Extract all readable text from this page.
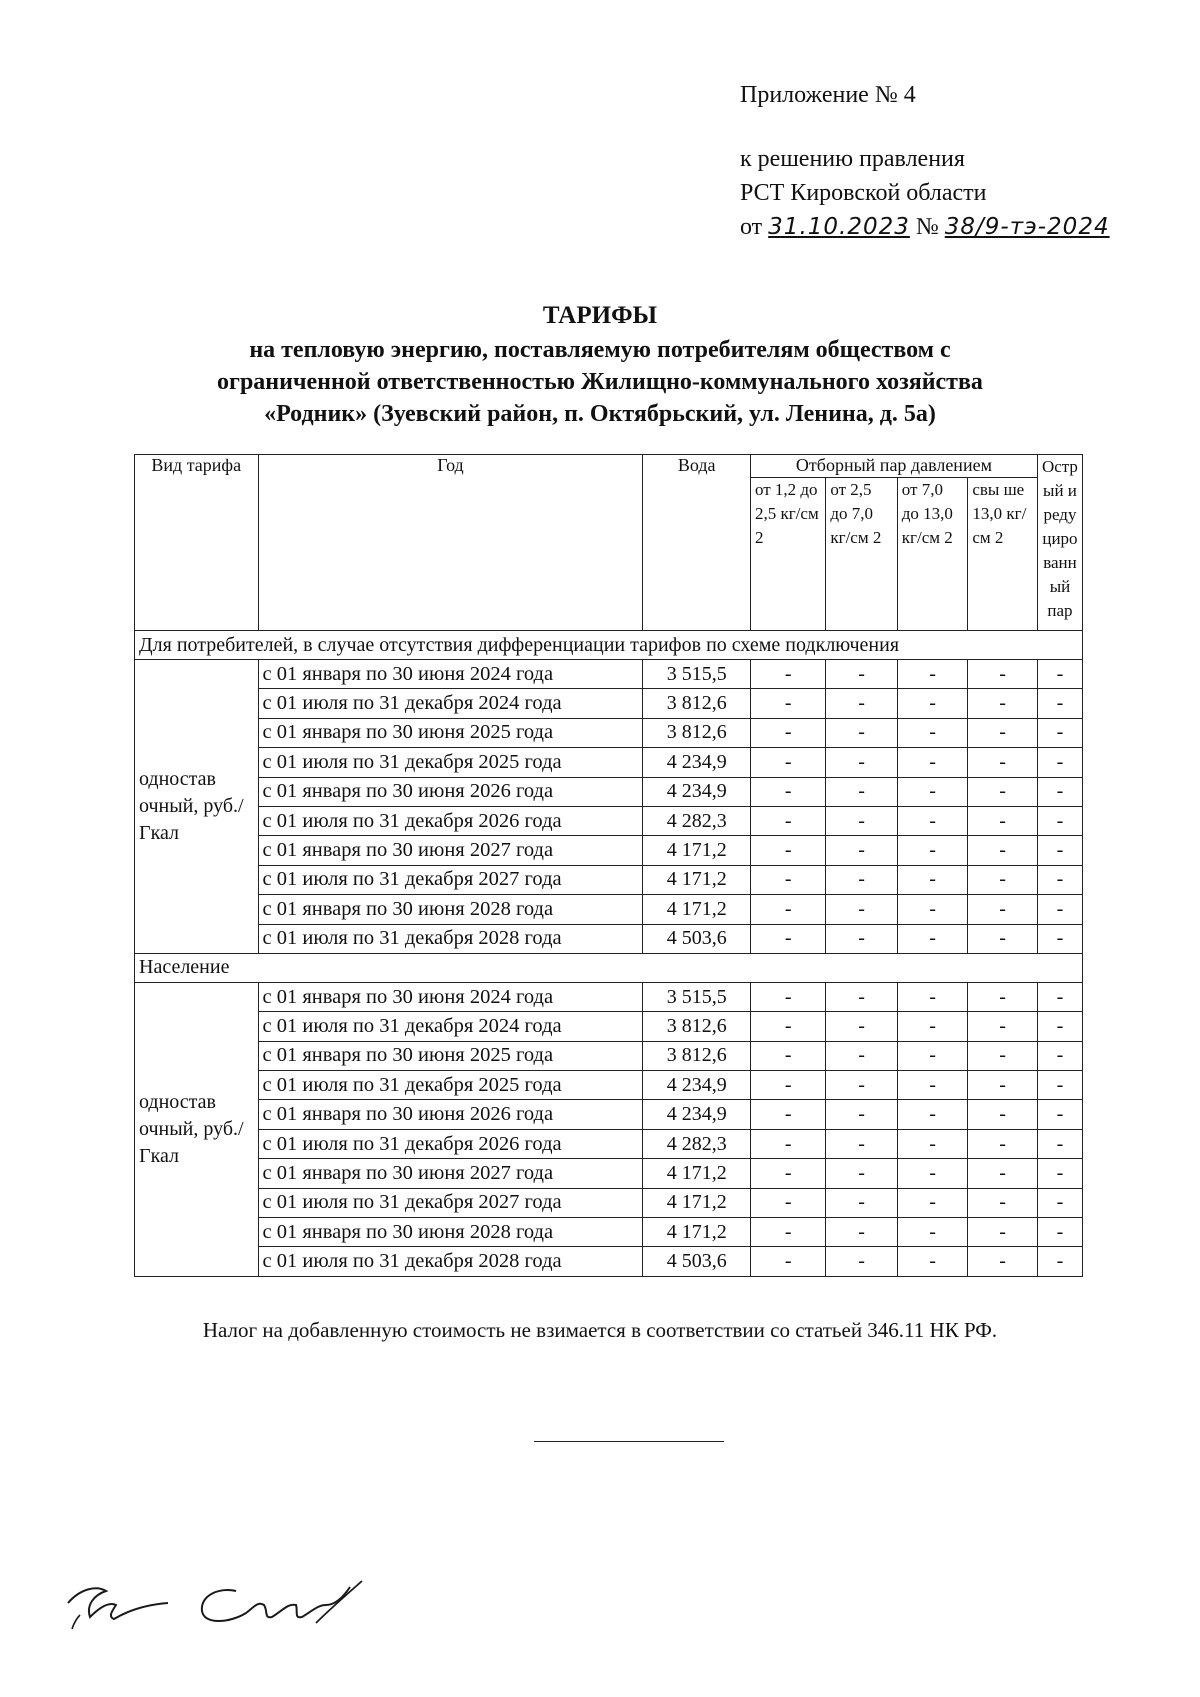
Приложение № 4
к решению правления
РСТ Кировской области
от 31.10.2023 № 38/9-тэ-2024
ТАРИФЫ
на тепловую энергию, поставляемую потребителям обществом с
ограниченной ответственностью Жилищно-коммунального хозяйства
«Родник» (Зуевский район, п. Октябрьский, ул. Ленина, д. 5а)
Вид тарифа	Год	Вода	Отборный пар давлением				Остр ый и реду циро ванн ый пар
			от 1,2 до 2,5 кг/см 2	от 2,5 до 7,0 кг/см 2	от 7,0 до 13,0 кг/см 2	свы ше 13,0 кг/см 2	
Для потребителей, в случае отсутствия дифференциации тарифов по схеме подключения							
одностав очный, руб./Гкал	с 01 января по 30 июня 2024 года	3 515,5	-	-	-	-	-
	с 01 июля по 31 декабря 2024 года	3 812,6	-	-	-	-	-
	с 01 января по 30 июня 2025 года	3 812,6	-	-	-	-	-
	с 01 июля по 31 декабря 2025 года	4 234,9	-	-	-	-	-
	с 01 января по 30 июня 2026 года	4 234,9	-	-	-	-	-
	с 01 июля по 31 декабря 2026 года	4 282,3	-	-	-	-	-
	с 01 января по 30 июня 2027 года	4 171,2	-	-	-	-	-
	с 01 июля по 31 декабря 2027 года	4 171,2	-	-	-	-	-
	с 01 января по 30 июня 2028 года	4 171,2	-	-	-	-	-
	с 01 июля по 31 декабря 2028 года	4 503,6	-	-	-	-	-
Население							
одностав очный, руб./Гкал	с 01 января по 30 июня 2024 года	3 515,5	-	-	-	-	-
	с 01 июля по 31 декабря 2024 года	3 812,6	-	-	-	-	-
	с 01 января по 30 июня 2025 года	3 812,6	-	-	-	-	-
	с 01 июля по 31 декабря 2025 года	4 234,9	-	-	-	-	-
	с 01 января по 30 июня 2026 года	4 234,9	-	-	-	-	-
	с 01 июля по 31 декабря 2026 года	4 282,3	-	-	-	-	-
	с 01 января по 30 июня 2027 года	4 171,2	-	-	-	-	-
	с 01 июля по 31 декабря 2027 года	4 171,2	-	-	-	-	-
	с 01 января по 30 июня 2028 года	4 171,2	-	-	-	-	-
	с 01 июля по 31 декабря 2028 года	4 503,6	-	-	-	-	-
Налог на добавленную стоимость не взимается в соответствии со статьей 346.11 НК РФ.
